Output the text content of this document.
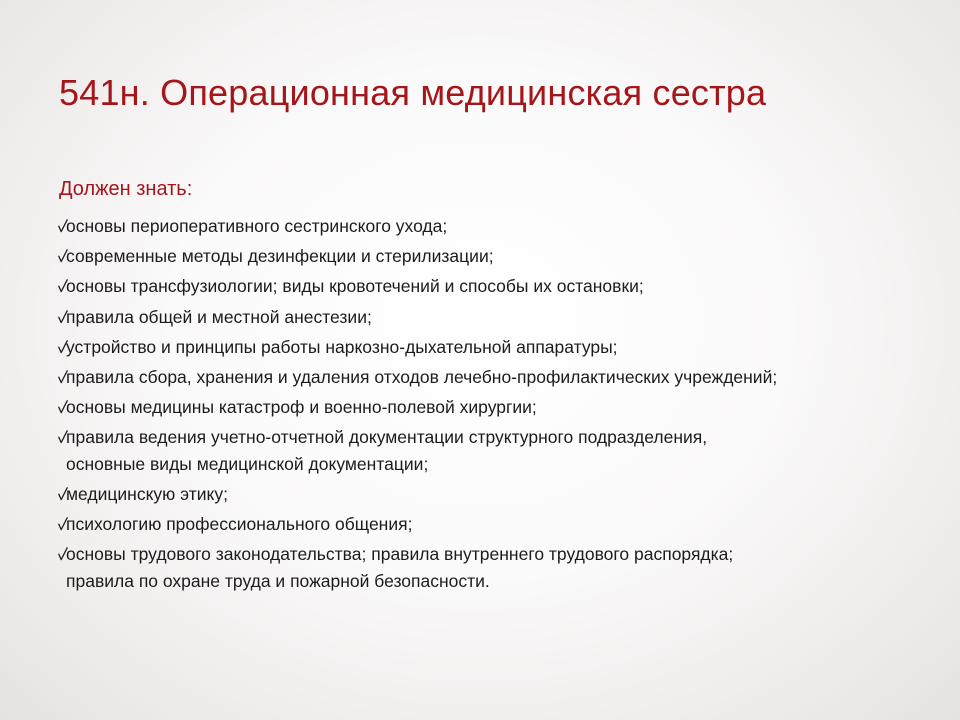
541н. Операционная медицинская сестра
Должен знать:
основы периоперативного сестринского ухода;
современные методы дезинфекции и стерилизации;
основы трансфузиологии; виды кровотечений и способы их остановки;
правила общей и местной анестезии;
устройство и принципы работы наркозно-дыхательной аппаратуры;
правила сбора, хранения и удаления отходов лечебно-профилактических учреждений;
основы медицины катастроф и военно-полевой хирургии;
правила ведения учетно-отчетной документации структурного подразделения,
основные виды медицинской документации;
медицинскую этику;
психологию профессионального общения;
основы трудового законодательства; правила внутреннего трудового распорядка;
правила по охране труда и пожарной безопасности.
